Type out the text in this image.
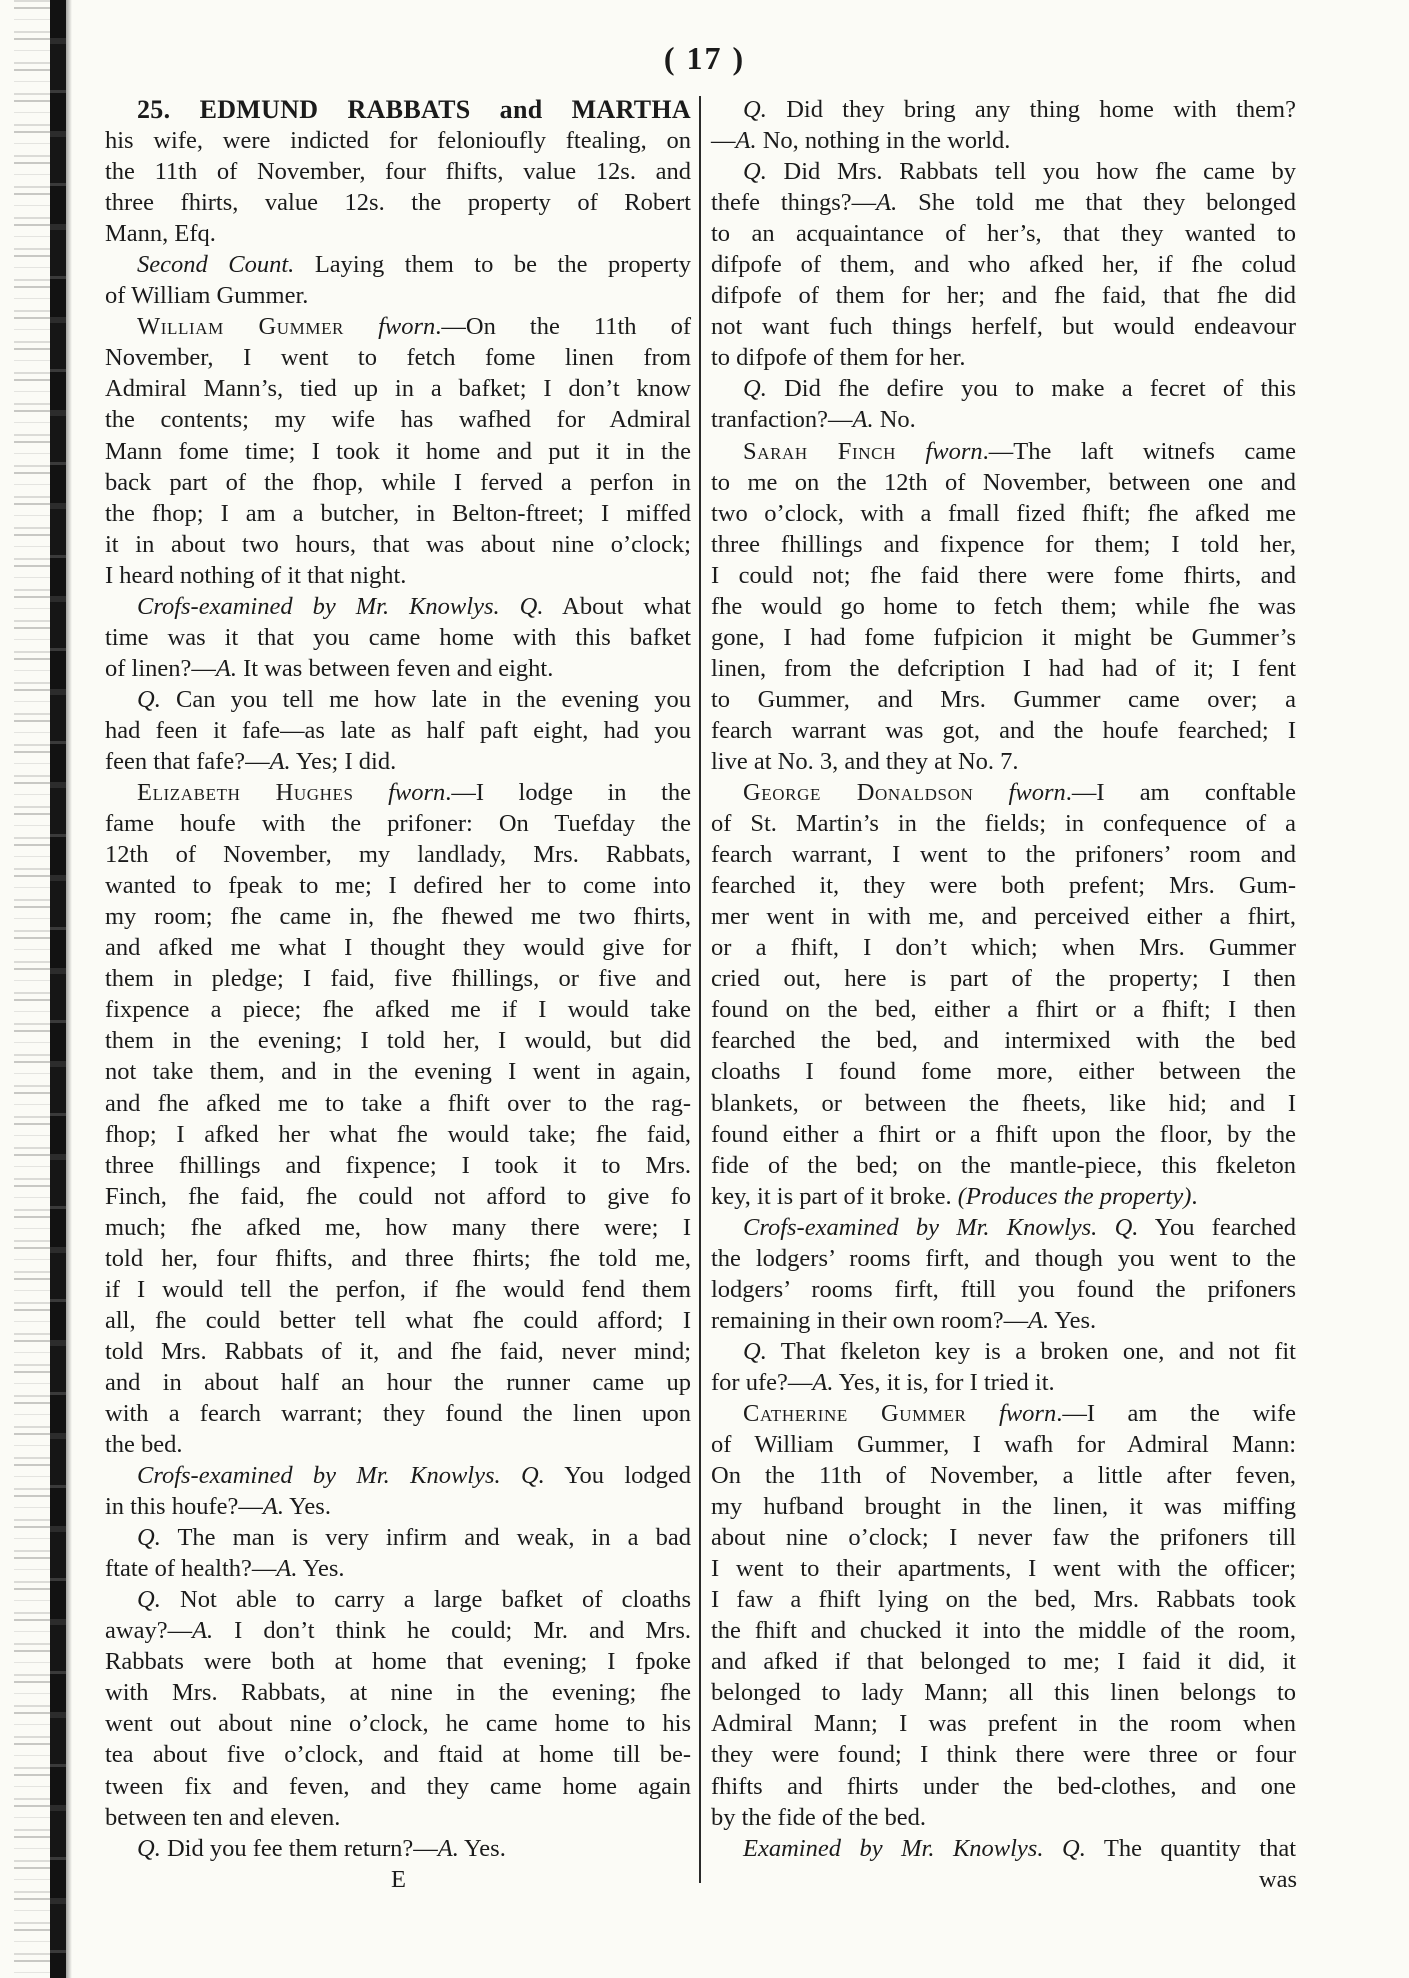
( 17 )
25. EDMUND RABBATS and MARTHA
his wife, were indicted for felonioufly ftealing, on
the 11th of November, four fhifts, value 12s. and
three fhirts, value 12s. the property of Robert
Mann, Efq.
Second Count. Laying them to be the property
of William Gummer.
William Gummer fworn.—On the 11th of
November, I went to fetch fome linen from
Admiral Mann’s, tied up in a bafket; I don’t know
the contents; my wife has wafhed for Admiral
Mann fome time; I took it home and put it in the
back part of the fhop, while I ferved a perfon in
the fhop; I am a butcher, in Belton-ftreet; I miffed
it in about two hours, that was about nine o’clock;
I heard nothing of it that night.
Crofs-examined by Mr. Knowlys. Q. About what
time was it that you came home with this bafket
of linen?—A. It was between feven and eight.
Q. Can you tell me how late in the evening you
had feen it fafe—as late as half paft eight, had you
feen that fafe?—A. Yes; I did.
Elizabeth Hughes fworn.—I lodge in the
fame houfe with the prifoner: On Tuefday the
12th of November, my landlady, Mrs. Rabbats,
wanted to fpeak to me; I defired her to come into
my room; fhe came in, fhe fhewed me two fhirts,
and afked me what I thought they would give for
them in pledge; I faid, five fhillings, or five and
fixpence a piece; fhe afked me if I would take
them in the evening; I told her, I would, but did
not take them, and in the evening I went in again,
and fhe afked me to take a fhift over to the rag-
fhop; I afked her what fhe would take; fhe faid,
three fhillings and fixpence; I took it to Mrs.
Finch, fhe faid, fhe could not afford to give fo
much; fhe afked me, how many there were; I
told her, four fhifts, and three fhirts; fhe told me,
if I would tell the perfon, if fhe would fend them
all, fhe could better tell what fhe could afford; I
told Mrs. Rabbats of it, and fhe faid, never mind;
and in about half an hour the runner came up
with a fearch warrant; they found the linen upon
the bed.
Crofs-examined by Mr. Knowlys. Q. You lodged
in this houfe?—A. Yes.
Q. The man is very infirm and weak, in a bad
ftate of health?—A. Yes.
Q. Not able to carry a large bafket of cloaths
away?—A. I don’t think he could; Mr. and Mrs.
Rabbats were both at home that evening; I fpoke
with Mrs. Rabbats, at nine in the evening; fhe
went out about nine o’clock, he came home to his
tea about five o’clock, and ftaid at home till be-
tween fix and feven, and they came home again
between ten and eleven.
Q. Did you fee them return?—A. Yes.
E
Q. Did they bring any thing home with them?
—A. No, nothing in the world.
Q. Did Mrs. Rabbats tell you how fhe came by
thefe things?—A. She told me that they belonged
to an acquaintance of her’s, that they wanted to
difpofe of them, and who afked her, if fhe colud
difpofe of them for her; and fhe faid, that fhe did
not want fuch things herfelf, but would endeavour
to difpofe of them for her.
Q. Did fhe defire you to make a fecret of this
tranfaction?—A. No.
Sarah Finch fworn.—The laft witnefs came
to me on the 12th of November, between one and
two o’clock, with a fmall fized fhift; fhe afked me
three fhillings and fixpence for them; I told her,
I could not; fhe faid there were fome fhirts, and
fhe would go home to fetch them; while fhe was
gone, I had fome fufpicion it might be Gummer’s
linen, from the defcription I had had of it; I fent
to Gummer, and Mrs. Gummer came over; a
fearch warrant was got, and the houfe fearched; I
live at No. 3, and they at No. 7.
George Donaldson fworn.—I am conftable
of St. Martin’s in the fields; in confequence of a
fearch warrant, I went to the prifoners’ room and
fearched it, they were both prefent; Mrs. Gum-
mer went in with me, and perceived either a fhirt,
or a fhift, I don’t which; when Mrs. Gummer
cried out, here is part of the property; I then
found on the bed, either a fhirt or a fhift; I then
fearched the bed, and intermixed with the bed
cloaths I found fome more, either between the
blankets, or between the fheets, like hid; and I
found either a fhirt or a fhift upon the floor, by the
fide of the bed; on the mantle-piece, this fkeleton
key, it is part of it broke. (Produces the property).
Crofs-examined by Mr. Knowlys. Q. You fearched
the lodgers’ rooms firft, and though you went to the
lodgers’ rooms firft, ftill you found the prifoners
remaining in their own room?—A. Yes.
Q. That fkeleton key is a broken one, and not fit
for ufe?—A. Yes, it is, for I tried it.
Catherine Gummer fworn.—I am the wife
of William Gummer, I wafh for Admiral Mann:
On the 11th of November, a little after feven,
my hufband brought in the linen, it was miffing
about nine o’clock; I never faw the prifoners till
I went to their apartments, I went with the officer;
I faw a fhift lying on the bed, Mrs. Rabbats took
the fhift and chucked it into the middle of the room,
and afked if that belonged to me; I faid it did, it
belonged to lady Mann; all this linen belongs to
Admiral Mann; I was prefent in the room when
they were found; I think there were three or four
fhifts and fhirts under the bed-clothes, and one
by the fide of the bed.
Examined by Mr. Knowlys. Q. The quantity that
was
